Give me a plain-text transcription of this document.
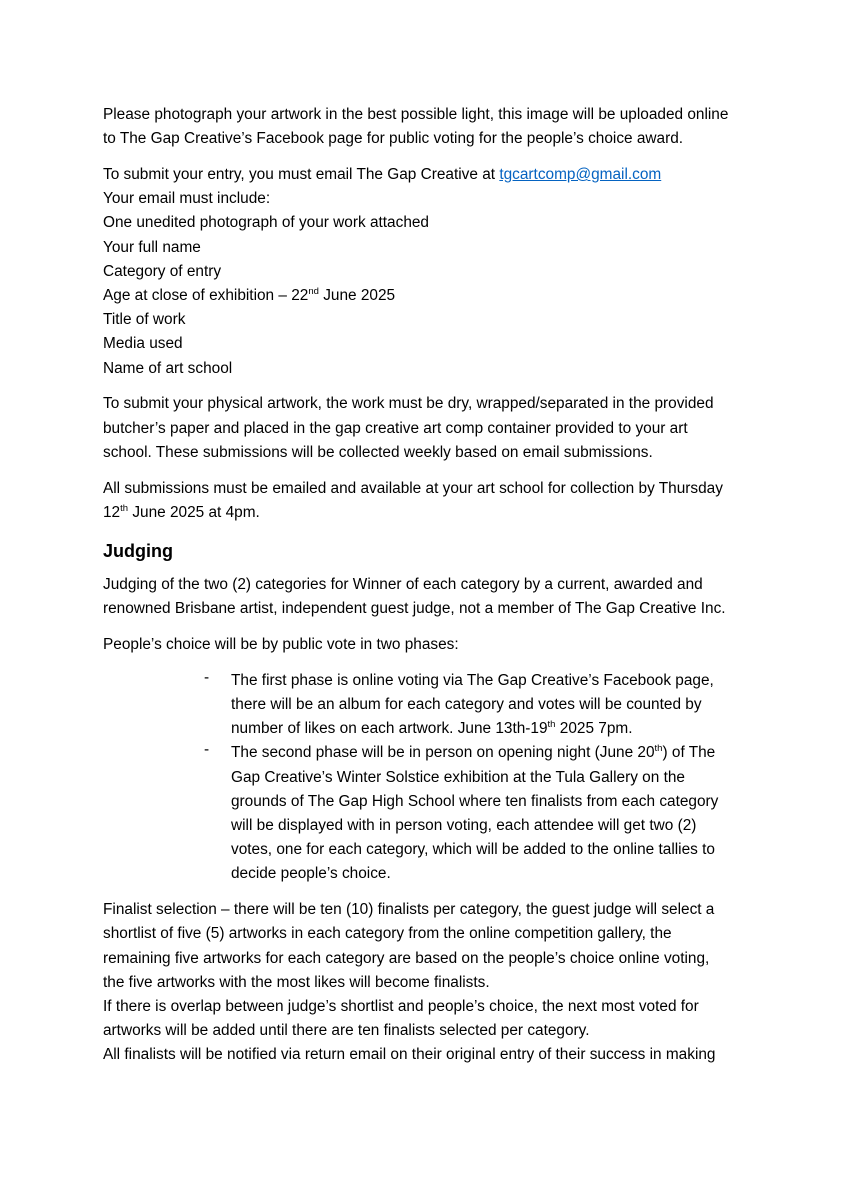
Please photograph your artwork in the best possible light, this image will be uploaded online
to The Gap Creative’s Facebook page for public voting for the people’s choice award.

To submit your entry, you must email The Gap Creative at tgcartcomp@gmail.com
Your email must include:
One unedited photograph of your work attached
Your full name
Category of entry
Age at close of exhibition – 22nd June 2025
Title of work
Media used
Name of art school

To submit your physical artwork, the work must be dry, wrapped/separated in the provided
butcher’s paper and placed in the gap creative art comp container provided to your art
school. These submissions will be collected weekly based on email submissions.

All submissions must be emailed and available at your art school for collection by Thursday
12th June 2025 at 4pm.

Judging

Judging of the two (2) categories for Winner of each category by a current, awarded and
renowned Brisbane artist, independent guest judge, not a member of The Gap Creative Inc.

People’s choice will be by public vote in two phases:

- The first phase is online voting via The Gap Creative’s Facebook page,
there will be an album for each category and votes will be counted by
number of likes on each artwork. June 13th-19th 2025 7pm.

- The second phase will be in person on opening night (June 20th) of The
Gap Creative’s Winter Solstice exhibition at the Tula Gallery on the
grounds of The Gap High School where ten finalists from each category
will be displayed with in person voting, each attendee will get two (2)
votes, one for each category, which will be added to the online tallies to
decide people’s choice.

Finalist selection – there will be ten (10) finalists per category, the guest judge will select a
shortlist of five (5) artworks in each category from the online competition gallery, the
remaining five artworks for each category are based on the people’s choice online voting,
the five artworks with the most likes will become finalists.
If there is overlap between judge’s shortlist and people’s choice, the next most voted for
artworks will be added until there are ten finalists selected per category.
All finalists will be notified via return email on their original entry of their success in making
